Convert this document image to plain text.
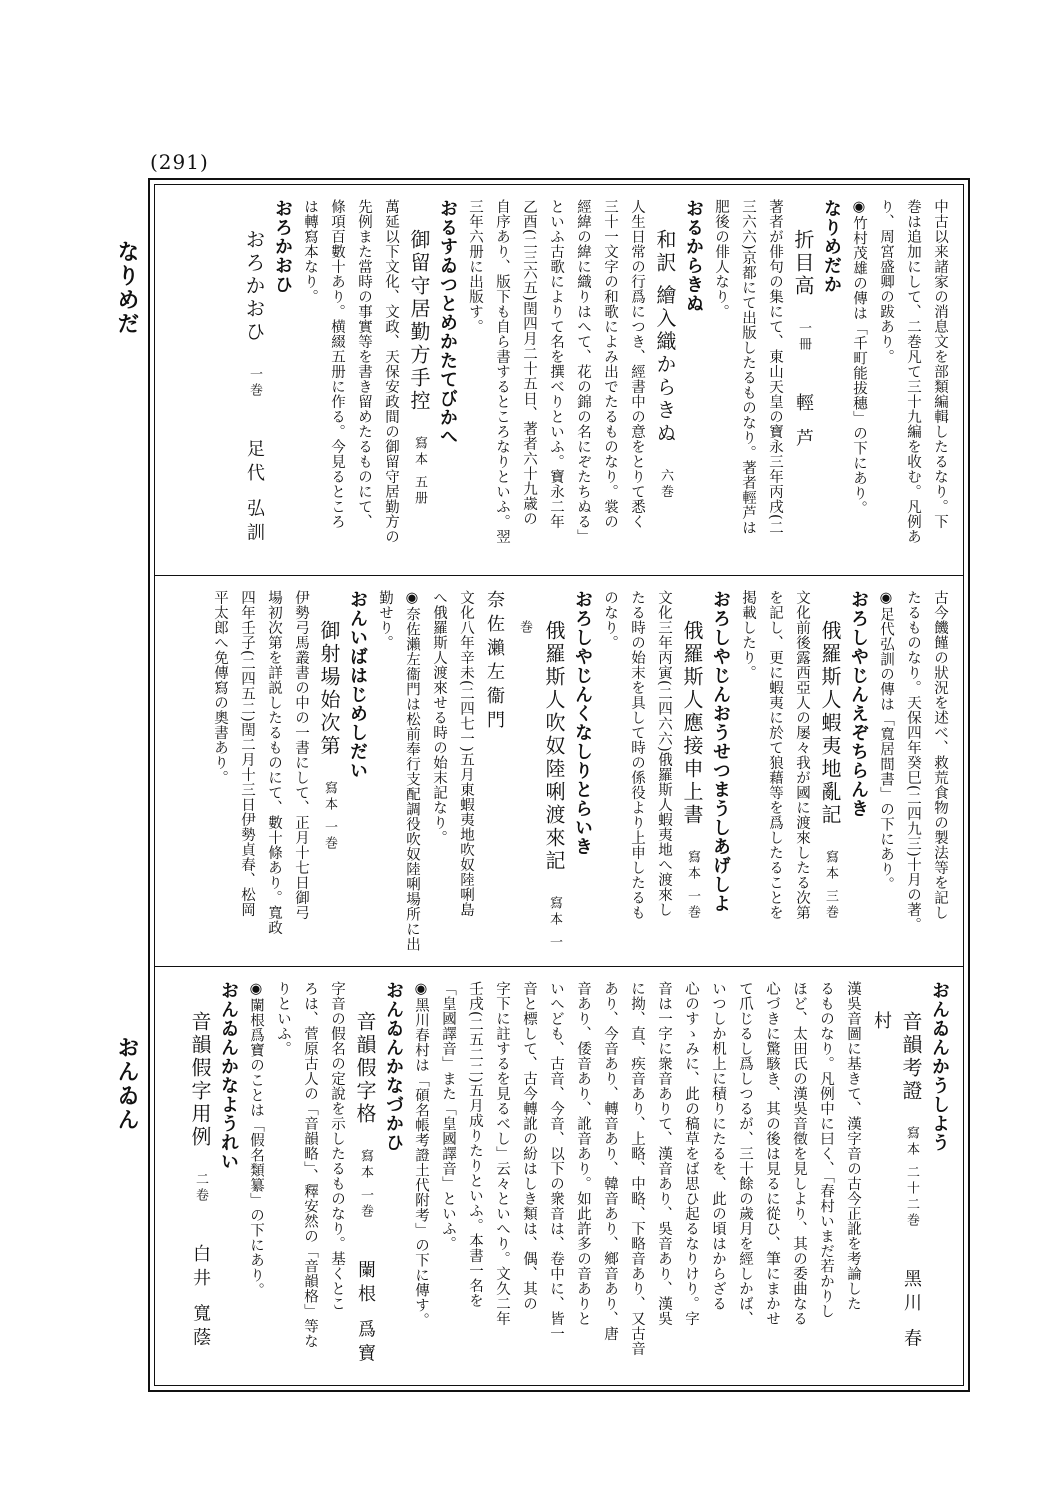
(291)
なりめだ
おんゐん
中古以来諸家の消息文を部類編輯したるなり。下
巻は追加にして、二巻凡て三十九編を收む。凡例あ
り、周宮盛卿の跋あり。
◉竹村茂雄の傳は「千町能拔穗」の下にあり。
なりめだか
折目高　一冊輕 芦
著者が俳句の集にて、東山天皇の寶永三年丙戌(二
三六六)京都にて出版したるものなり。著者輕芦は
肥後の俳人なり。
おるからきぬ
和訳 繪入織からきぬ　六巻
人生日常の行爲につき、經書中の意をとりて悉く
三十一文字の和歌によみ出でたるものなり。裳の
經緯の緯に織りはへて、花の錦の名にぞたちぬる」
といふ古歌によりて名を撰べりといふ。寶永二年
乙酉(二三六五)閏四月二十五日、著者六十九歳の
自序あり、版下も自ら書するところなりといふ。翌
三年六册に出版す。
おるすゐつとめかたてびかへ
御留守居勤方手控　寫本 五册
萬延以下文化、文政、天保安政間の御留守居勤方の
先例また當時の事實等を書き留めたるものにて、
條項百數十あり。横綴五册に作る。今見るところ
は轉寫本なり。
おろかおひ
おろかおひ　一巻足代 弘訓
古今饑饉の狀況を述べ、救荒食物の製法等を記し
たるものなり。天保四年癸巳(二四九三)十月の著。
◉足代弘訓の傳は「寬居間書」の下にあり。
おろしやじんえぞちらんき
俄羅斯人蝦夷地亂記　寫本 三巻
文化前後露西亞人の屡々我が國に渡來したる次第
を記し、更に蝦夷に於て狼藉等を爲したることを
掲載したり。
おろしやじんおうせつまうしあげしよ
俄羅斯人應接申上書　寫本 一巻
文化三年丙寅(二四六六)俄羅斯人蝦夷地へ渡來し
たる時の始末を具して時の係役より上申したるも
のなり。
おろしやじんくなしりとらいき
俄羅斯人吹奴陸唎渡來記　寫本 一巻
奈佐瀨左衞門
文化八年辛未(二四七一)五月東蝦夷地吹奴陸唎島
へ俄羅斯人渡來せる時の始末記なり。
◉奈佐瀨左衞門は松前奉行支配調役吹奴陸唎場所に出勤せり。
おんいばはじめしだい
御射場始次第　寫本 一巻
伊勢弓馬叢書の中の一書にして、正月十七日御弓
場初次第を詳説したるものにて、數十條あり。寬政
四年壬子(二四五二)閏二月十三日伊勢貞春、松岡
平太郎へ免傳寫の奧書あり。
おんゐんかうしよう
音韻考證　寫本 二十二巻黑川 春村
漢吳音圖に基きて、漢字音の古今正訛を考論した
るものなり。凡例中に曰く、「春村いまだ若かりし
ほど、太田氏の漢吳音徵を見しより、其の委曲なる
心づきに驚駭き、其の後は見るに從ひ、筆にまかせ
て爪じるし爲しつるが、三十餘の歲月を經しかば、
いつしか机上に積りにたるを、此の頃はからざる
心のすゝみに、此の稿草をば思ひ起るなりけり。字
音は一字に衆音ありて、漢音あり、吳音あり、漢吳
に拗、直、疾音あり、上略、中略、下略音あり、又古音
あり、今音あり、轉音あり、韓音あり、鄉音あり、唐
音あり、倭音あり、訛音あり。如此許多の音ありと
いへども、古音、今音、以下の衆音は、卷中に、皆一
音と標して、古今轉訛の紛はしき類は、偶、其の
字下に註するを見るべし」云々といへり。文久二年
壬戌(二五二二)五月成りたりといふ。本書一名を
「皇國譯音」また「皇國譯音」といふ。
◉黑川春村は「碩名帳考證土代附考」の下に傳す。
おんゐんかなづかひ
音韻假字格　寫本 一巻闌根 爲寶
字音の假名の定說を示したるものなり。基くとこ
ろは、菅原古人の「音韻略」、釋安然の「音韻格」等な
りといふ。
◉闌根爲寶のことは「假名類纂」の下にあり。
おんゐんかなようれい
音韻假字用例　二卷白井 寬蔭
